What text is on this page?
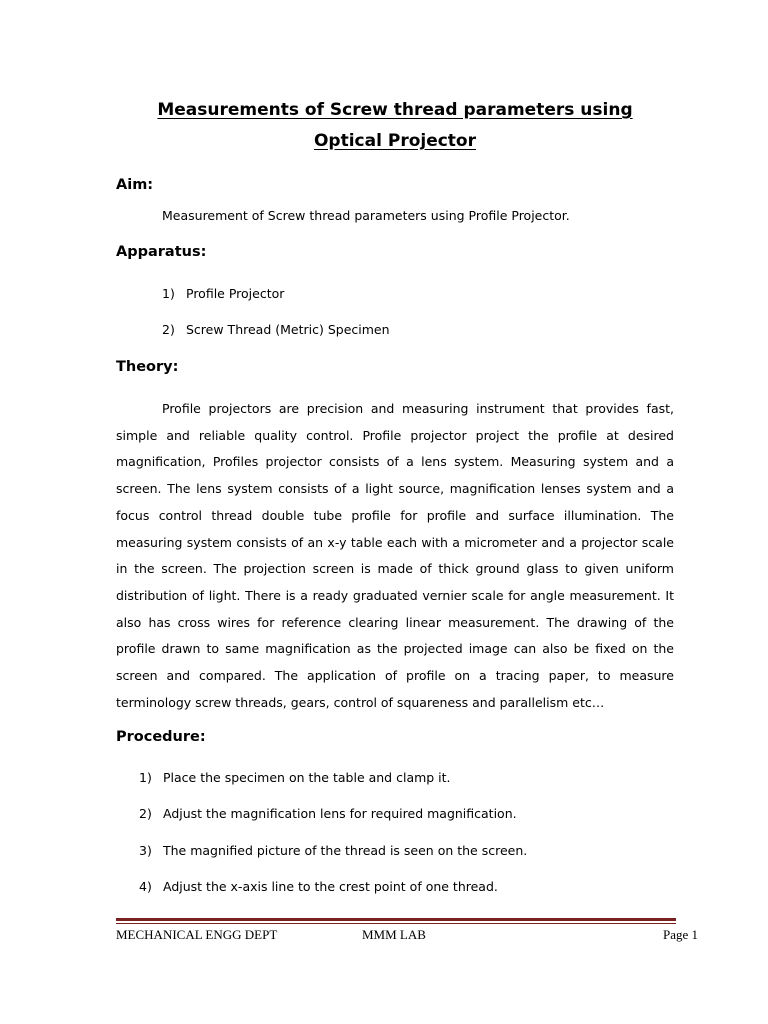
Measurements of Screw thread parameters using
Optical Projector
Aim:

Measurement of Screw thread parameters using Profile Projector.

Apparatus:

1) Profile Projector

2) Screw Thread (Metric) Specimen

Theory:

Profile projectors are precision and measuring instrument that provides fast, simple and reliable quality control. Profile projector project the profile at desired magnification, Profiles projector consists of a lens system. Measuring system and a screen. The lens system consists of a light source, magnification lenses system and a focus control thread double tube profile for profile and surface illumination. The measuring system consists of an x-y table each with a micrometer and a projector scale in the screen. The projection screen is made of thick ground glass to given uniform distribution of light. There is a ready graduated vernier scale for angle measurement. It also has cross wires for reference clearing linear measurement. The drawing of the profile drawn to same magnification as the projected image can also be fixed on the screen and compared. The application of profile on a tracing paper, to measure terminology screw threads, gears, control of squareness and parallelism etc…

Procedure:

1) Place the specimen on the table and clamp it.

2) Adjust the magnification lens for required magnification.

3) The magnified picture of the thread is seen on the screen.

4) Adjust the x-axis line to the crest point of one thread.

MECHANICAL ENGG DEPT	MMM LAB	Page 1
